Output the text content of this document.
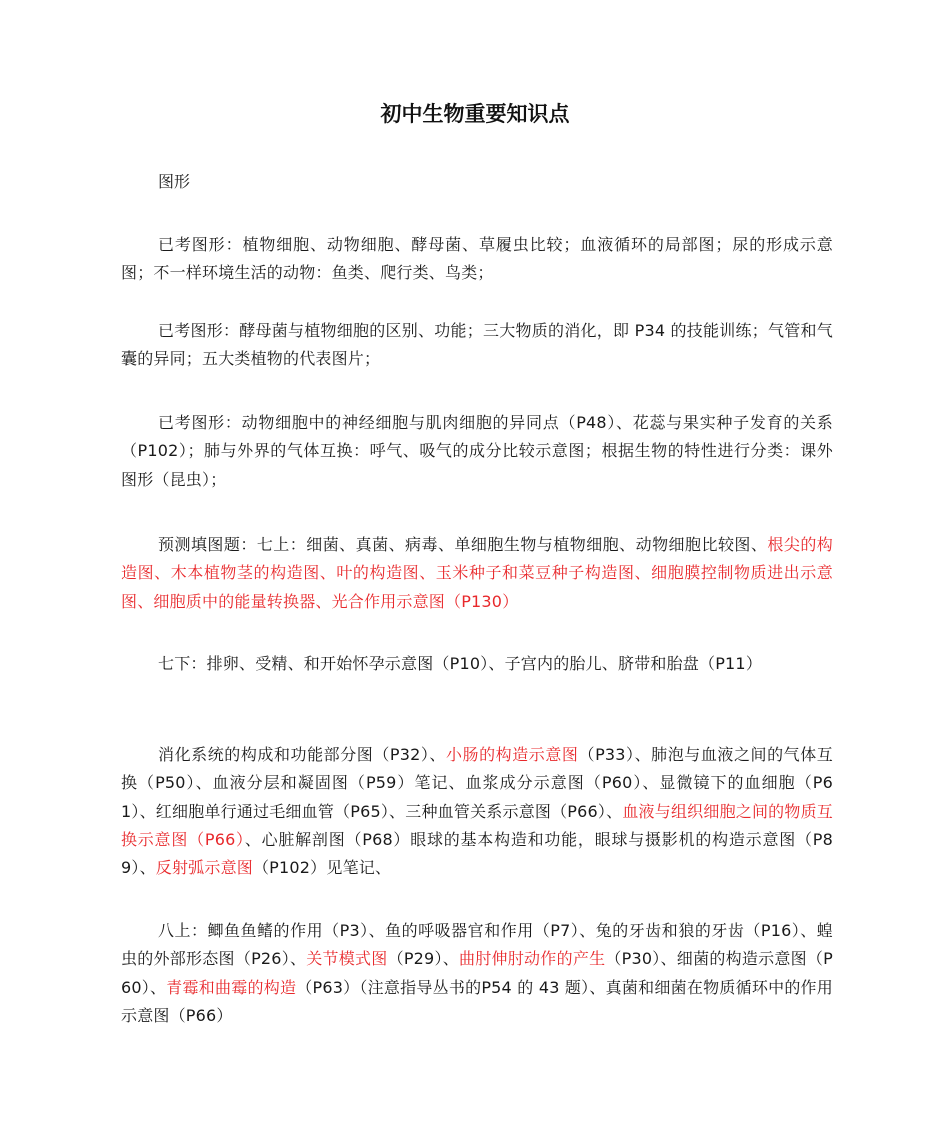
初中生物重要知识点
图形
已考图形：植物细胞、动物细胞、酵母菌、草履虫比较；血液循环的局部图；尿的形成示意图；不一样环境生活的动物：鱼类、爬行类、鸟类；
已考图形：酵母菌与植物细胞的区别、功能；三大物质的消化，即 P34 的技能训练；气管和气囊的异同；五大类植物的代表图片；
已考图形：动物细胞中的神经细胞与肌肉细胞的异同点（P48）、花蕊与果实种子发育的关系（P102）；肺与外界的气体互换：呼气、吸气的成分比较示意图；根据生物的特性进行分类：课外图形（昆虫）；
预测填图题：七上：细菌、真菌、病毒、单细胞生物与植物细胞、动物细胞比较图、根尖的构造图、木本植物茎的构造图、叶的构造图、玉米种子和菜豆种子构造图、细胞膜控制物质进出示意图、细胞质中的能量转换器、光合作用示意图（P130）
七下：排卵、受精、和开始怀孕示意图（P10）、子宫内的胎儿、脐带和胎盘（P11）
消化系统的构成和功能部分图（P32）、小肠的构造示意图（P33）、肺泡与血液之间的气体互换（P50）、血液分层和凝固图（P59）笔记、血浆成分示意图（P60）、显微镜下的血细胞（P61）、红细胞单行通过毛细血管（P65）、三种血管关系示意图（P66）、血液与组织细胞之间的物质互换示意图（P66）、心脏解剖图（P68）眼球的基本构造和功能，眼球与摄影机的构造示意图（P89）、反射弧示意图（P102）见笔记、
八上：鲫鱼鱼鳍的作用（P3）、鱼的呼吸器官和作用（P7）、兔的牙齿和狼的牙齿（P16）、蝗虫的外部形态图（P26）、关节模式图（P29）、曲肘伸肘动作的产生（P30）、细菌的构造示意图（P60）、青霉和曲霉的构造（P63）（注意指导丛书的P54 的 43 题）、真菌和细菌在物质循环中的作用示意图（P66）
